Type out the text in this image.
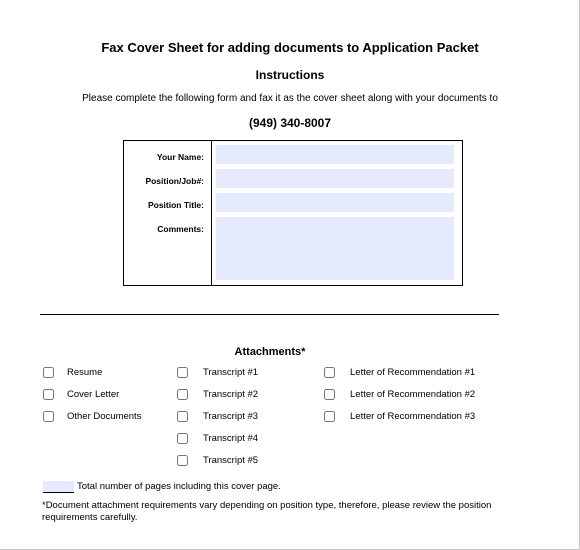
Fax Cover Sheet for adding documents to Application Packet
Instructions
Please complete the following form and fax it as the cover sheet along with your documents to
(949) 340-8007
Your Name:
Position/Job#:
Position Title:
Comments:
Attachments*
Resume
Cover Letter
Other Documents
Transcript #1
Transcript #2
Transcript #3
Transcript #4
Transcript #5
Letter of Recommendation #1
Letter of Recommendation #2
Letter of Recommendation #3
Total number of pages including this cover page.
*Document attachment requirements vary depending on position type, therefore, please review the position requirements carefully.
